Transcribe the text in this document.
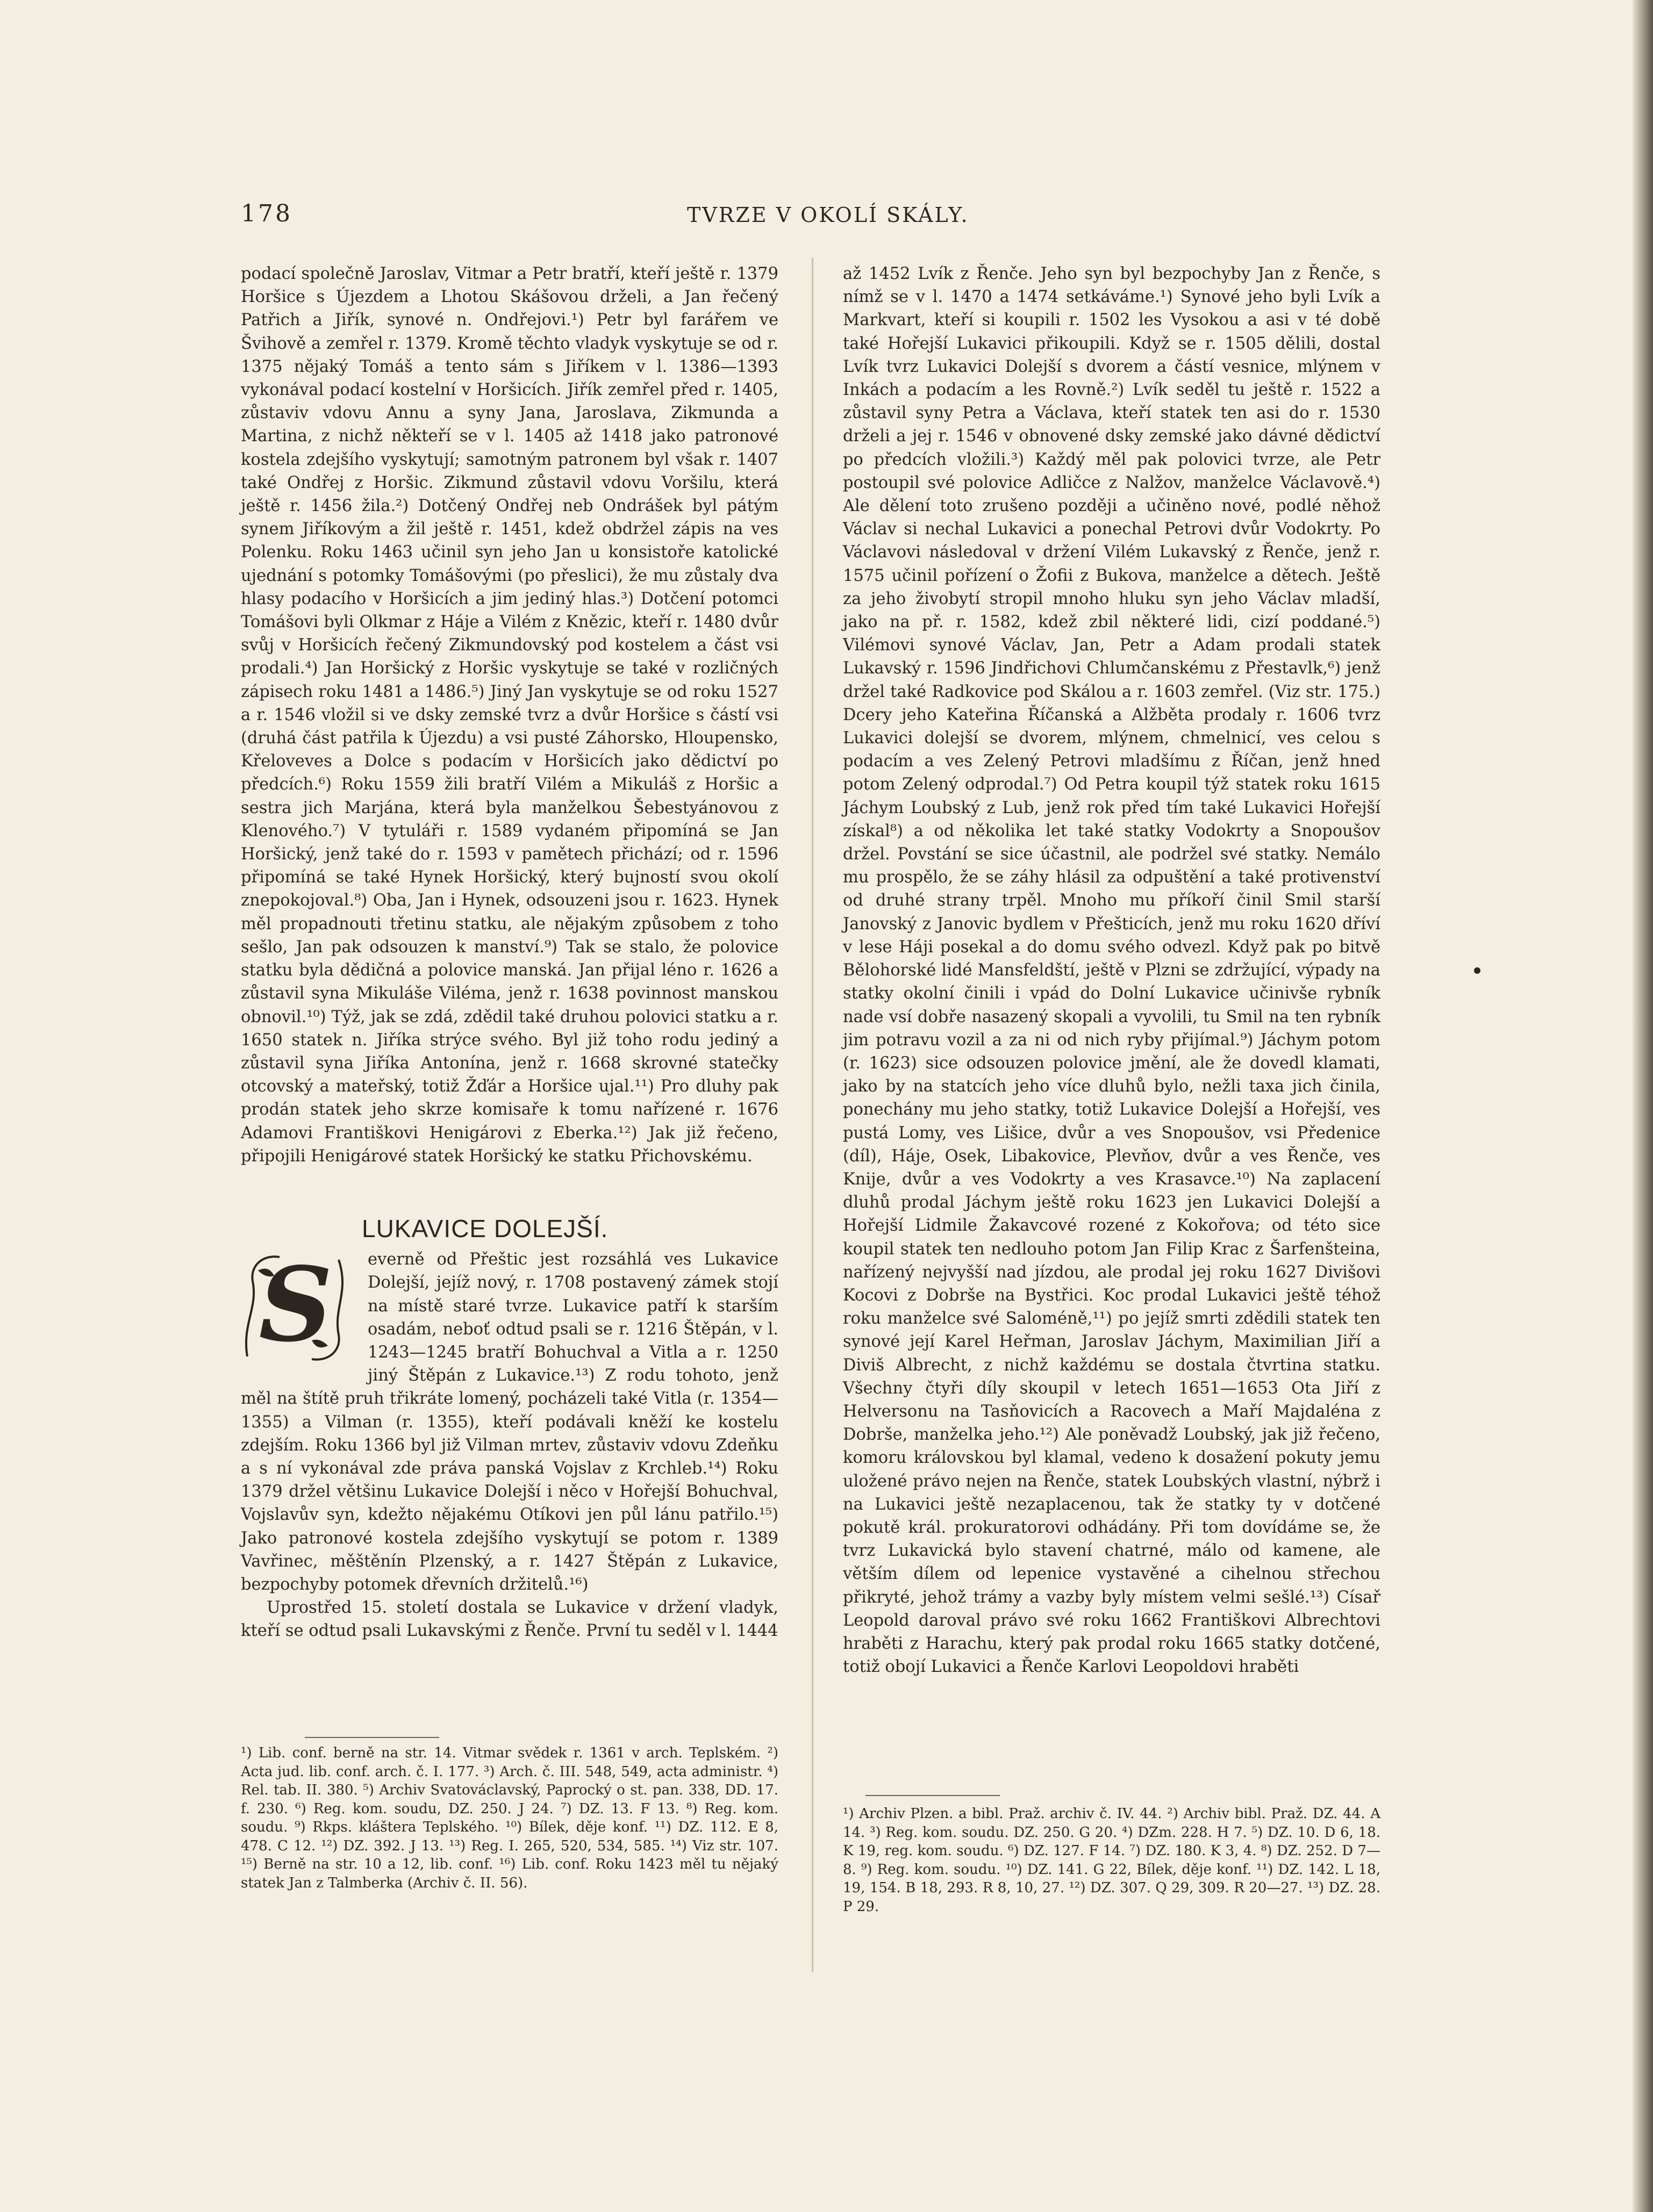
178	TVRZE V OKOLÍ SKÁLY.

podací společně Jaroslav, Vitmar a Petr bratří, kteří ještě r. 1379 Horšice s Újezdem a Lhotou Skášovou drželi, a Jan řečený Patřich a Jiřík, synové n. Ondřejovi.¹) Petr byl farářem ve Švihově a zemřel r. 1379. Kromě těchto vladyk vyskytuje se od r. 1375 nějaký Tomáš a tento sám s Jiříkem v l. 1386—1393 vykonával podací kostelní v Horšicích. Jiřík zemřel před r. 1405, zůstaviv vdovu Annu a syny Jana, Jaroslava, Zikmunda a Martina, z nichž někteří se v l. 1405 až 1418 jako patronové kostela zdejšího vyskytují; samotným patronem byl však r. 1407 také Ondřej z Horšic. Zikmund zůstavil vdovu Voršilu, která ještě r. 1456 žila.²) Dotčený Ondřej neb Ondrášek byl pátým synem Jiříkovým a žil ještě r. 1451, kdež obdržel zápis na ves Polenku. Roku 1463 učinil syn jeho Jan u konsistoře katolické ujednání s potomky Tomášovými (po přeslici), že mu zůstaly dva hlasy podacího v Horšicích a jim jediný hlas.³) Dotčení potomci Tomášovi byli Olkmar z Háje a Vilém z Knězic, kteří r. 1480 dvůr svůj v Horšicích řečený Zikmundovský pod kostelem a část vsi prodali.⁴) Jan Horšický z Horšic vyskytuje se také v rozličných zápisech roku 1481 a 1486.⁵) Jiný Jan vyskytuje se od roku 1527 a r. 1546 vložil si ve dsky zemské tvrz a dvůr Horšice s částí vsi (druhá část patřila k Újezdu) a vsi pusté Záhorsko, Hloupensko, Křeloveves a Dolce s podacím v Horšicích jako dědictví po předcích.⁶) Roku 1559 žili bratří Vilém a Mikuláš z Horšic a sestra jich Marjána, která byla manželkou Šebestyánovou z Klenového.⁷) V tytuláři r. 1589 vydaném připomíná se Jan Horšický, jenž také do r. 1593 v pamětech přichází; od r. 1596 připomíná se také Hynek Horšický, který bujností svou okolí znepokojoval.⁸) Oba, Jan i Hynek, odsouzeni jsou r. 1623. Hynek měl propadnouti třetinu statku, ale nějakým způsobem z toho sešlo, Jan pak odsouzen k manství.⁹) Tak se stalo, že polovice statku byla dědičná a polovice manská. Jan přijal léno r. 1626 a zůstavil syna Mikuláše Viléma, jenž r. 1638 povinnost manskou obnovil.¹⁰) Týž, jak se zdá, zdědil také druhou polovici statku a r. 1650 statek n. Jiříka strýce svého. Byl již toho rodu jediný a zůstavil syna Jiříka Antonína, jenž r. 1668 skrovné statečky otcovský a mateřský, totiž Žďár a Horšice ujal.¹¹) Pro dluhy pak prodán statek jeho skrze komisaře k tomu nařízené r. 1676 Adamovi Františkovi Henigárovi z Eberka.¹²) Jak již řečeno, připojili Henigárové statek Horšický ke statku Přichovskému.

LUKAVICE DOLEJŠÍ.

S	everně od Přeštic jest rozsáhlá ves Lukavice Dolejší, jejíž nový, r. 1708 postavený zámek stojí na místě staré tvrze. Lukavice patří k starším osadám, neboť odtud psali se r. 1216 Štěpán, v l. 1243—1245 bratří Bohuchval a Vitla a r. 1250 jiný Štěpán z Lukavice.¹³) Z rodu tohoto, jenž měl na štítě pruh třikráte lomený, pocházeli také Vitla (r. 1354—1355) a Vilman (r. 1355), kteří podávali kněží ke kostelu zdejším. Roku 1366 byl již Vilman mrtev, zůstaviv vdovu Zdeňku a s ní vykonával zde práva panská Vojslav z Krchleb.¹⁴) Roku 1379 držel většinu Lukavice Dolejší i něco v Hořejší Bohuchval, Vojslavův syn, kdežto nějakému Otíkovi jen půl lánu patřilo.¹⁵) Jako patronové kostela zdejšího vyskytují se potom r. 1389 Vavřinec, měštěnín Plzenský, a r. 1427 Štěpán z Lukavice, bezpochyby potomek dřevních držitelů.¹⁶)

Uprostřed 15. století dostala se Lukavice v držení vladyk, kteří se odtud psali Lukavskými z Řenče. První tu seděl v l. 1444

¹) Lib. conf. berně na str. 14. Vitmar svědek r. 1361 v arch. Teplském. ²) Acta jud. lib. conf. arch. č. I. 177. ³) Arch. č. III. 548, 549, acta administr. ⁴) Rel. tab. II. 380. ⁵) Archiv Svatováclavský, Paprocký o st. pan. 338, DD. 17. f. 230. ⁶) Reg. kom. soudu, DZ. 250. J 24. ⁷) DZ. 13. F 13. ⁸) Reg. kom. soudu. ⁹) Rkps. kláštera Teplského. ¹⁰) Bílek, děje konf. ¹¹) DZ. 112. E 8, 478. C 12. ¹²) DZ. 392. J 13. ¹³) Reg. I. 265, 520, 534, 585. ¹⁴) Viz str. 107. ¹⁵) Berně na str. 10 a 12, lib. conf. ¹⁶) Lib. conf. Roku 1423 měl tu nějaký statek Jan z Talmberka (Archiv č. II. 56).

až 1452 Lvík z Řenče. Jeho syn byl bezpochyby Jan z Řenče, s nímž se v l. 1470 a 1474 setkáváme.¹) Synové jeho byli Lvík a Markvart, kteří si koupili r. 1502 les Vysokou a asi v té době také Hořejší Lukavici přikoupili. Když se r. 1505 dělili, dostal Lvík tvrz Lukavici Dolejší s dvorem a částí vesnice, mlýnem v Inkách a podacím a les Rovně.²) Lvík seděl tu ještě r. 1522 a zůstavil syny Petra a Václava, kteří statek ten asi do r. 1530 drželi a jej r. 1546 v obnovené dsky zemské jako dávné dědictví po předcích vložili.³) Každý měl pak polovici tvrze, ale Petr postoupil své polovice Adličce z Nalžov, manželce Václavově.⁴) Ale dělení toto zrušeno později a učiněno nové, podlé něhož Václav si nechal Lukavici a ponechal Petrovi dvůr Vodokrty. Po Václavovi následoval v držení Vilém Lukavský z Řenče, jenž r. 1575 učinil pořízení o Žofii z Bukova, manželce a dětech. Ještě za jeho živobytí stropil mnoho hluku syn jeho Václav mladší, jako na př. r. 1582, kdež zbil některé lidi, cizí poddané.⁵) Vilémovi synové Václav, Jan, Petr a Adam prodali statek Lukavský r. 1596 Jindřichovi Chlumčanskému z Přestavlk,⁶) jenž držel také Radkovice pod Skálou a r. 1603 zemřel. (Viz str. 175.) Dcery jeho Kateřina Říčanská a Alžběta prodaly r. 1606 tvrz Lukavici dolejší se dvorem, mlýnem, chmelnicí, ves celou s podacím a ves Zelený Petrovi mladšímu z Říčan, jenž hned potom Zelený odprodal.⁷) Od Petra koupil týž statek roku 1615 Jáchym Loubský z Lub, jenž rok před tím také Lukavici Hořejší získal⁸) a od několika let také statky Vodokrty a Snopoušov držel. Povstání se sice účastnil, ale podržel své statky. Nemálo mu prospělo, že se záhy hlásil za odpuštění a také protivenství od druhé strany trpěl. Mnoho mu příkoří činil Smil starší Janovský z Janovic bydlem v Přešticích, jenž mu roku 1620 dříví v lese Háji posekal a do domu svého odvezl. Když pak po bitvě Bělohorské lidé Mansfeldští, ještě v Plzni se zdržující, výpady na statky okolní činili i vpád do Dolní Lukavice učinivše rybník nade vsí dobře nasazený skopali a vyvolili, tu Smil na ten rybník jim potravu vozil a za ni od nich ryby přijímal.⁹) Jáchym potom (r. 1623) sice odsouzen polovice jmění, ale že dovedl klamati, jako by na statcích jeho více dluhů bylo, nežli taxa jich činila, ponechány mu jeho statky, totiž Lukavice Dolejší a Hořejší, ves pustá Lomy, ves Lišice, dvůr a ves Snopoušov, vsi Předenice (díl), Háje, Osek, Libakovice, Plevňov, dvůr a ves Řenče, ves Knije, dvůr a ves Vodokrty a ves Krasavce.¹⁰) Na zaplacení dluhů prodal Jáchym ještě roku 1623 jen Lukavici Dolejší a Hořejší Lidmile Žakavcové rozené z Kokořova; od této sice koupil statek ten nedlouho potom Jan Filip Krac z Šarfenšteina, nařízený nejvyšší nad jízdou, ale prodal jej roku 1627 Divišovi Kocovi z Dobrše na Bystřici. Koc prodal Lukavici ještě téhož roku manželce své Saloméně,¹¹) po jejíž smrti zdědili statek ten synové její Karel Heřman, Jaroslav Jáchym, Maximilian Jiří a Diviš Albrecht, z nichž každému se dostala čtvrtina statku. Všechny čtyři díly skoupil v letech 1651—1653 Ota Jiří z Helversonu na Tasňovicích a Racovech a Maří Majdaléna z Dobrše, manželka jeho.¹²) Ale poněvadž Loubský, jak již řečeno, komoru královskou byl klamal, vedeno k dosažení pokuty jemu uložené právo nejen na Řenče, statek Loubských vlastní, nýbrž i na Lukavici ještě nezaplacenou, tak že statky ty v dotčené pokutě král. prokuratorovi odhádány. Při tom dovídáme se, že tvrz Lukavická bylo stavení chatrné, málo od kamene, ale větším dílem od lepenice vystavěné a cihelnou střechou přikryté, jehož trámy a vazby byly místem velmi sešlé.¹³) Císař Leopold daroval právo své roku 1662 Františkovi Albrechtovi hraběti z Harachu, který pak prodal roku 1665 statky dotčené, totiž obojí Lukavici a Řenče Karlovi Leopoldovi hraběti

¹) Archiv Plzen. a bibl. Praž. archiv č. IV. 44. ²) Archiv bibl. Praž. DZ. 44. A 14. ³) Reg. kom. soudu. DZ. 250. G 20. ⁴) DZm. 228. H 7. ⁵) DZ. 10. D 6, 18. K 19, reg. kom. soudu. ⁶) DZ. 127. F 14. ⁷) DZ. 180. K 3, 4. ⁸) DZ. 252. D 7—8. ⁹) Reg. kom. soudu. ¹⁰) DZ. 141. G 22, Bílek, děje konf. ¹¹) DZ. 142. L 18, 19, 154. B 18, 293. R 8, 10, 27. ¹²) DZ. 307. Q 29, 309. R 20—27. ¹³) DZ. 28. P 29.
